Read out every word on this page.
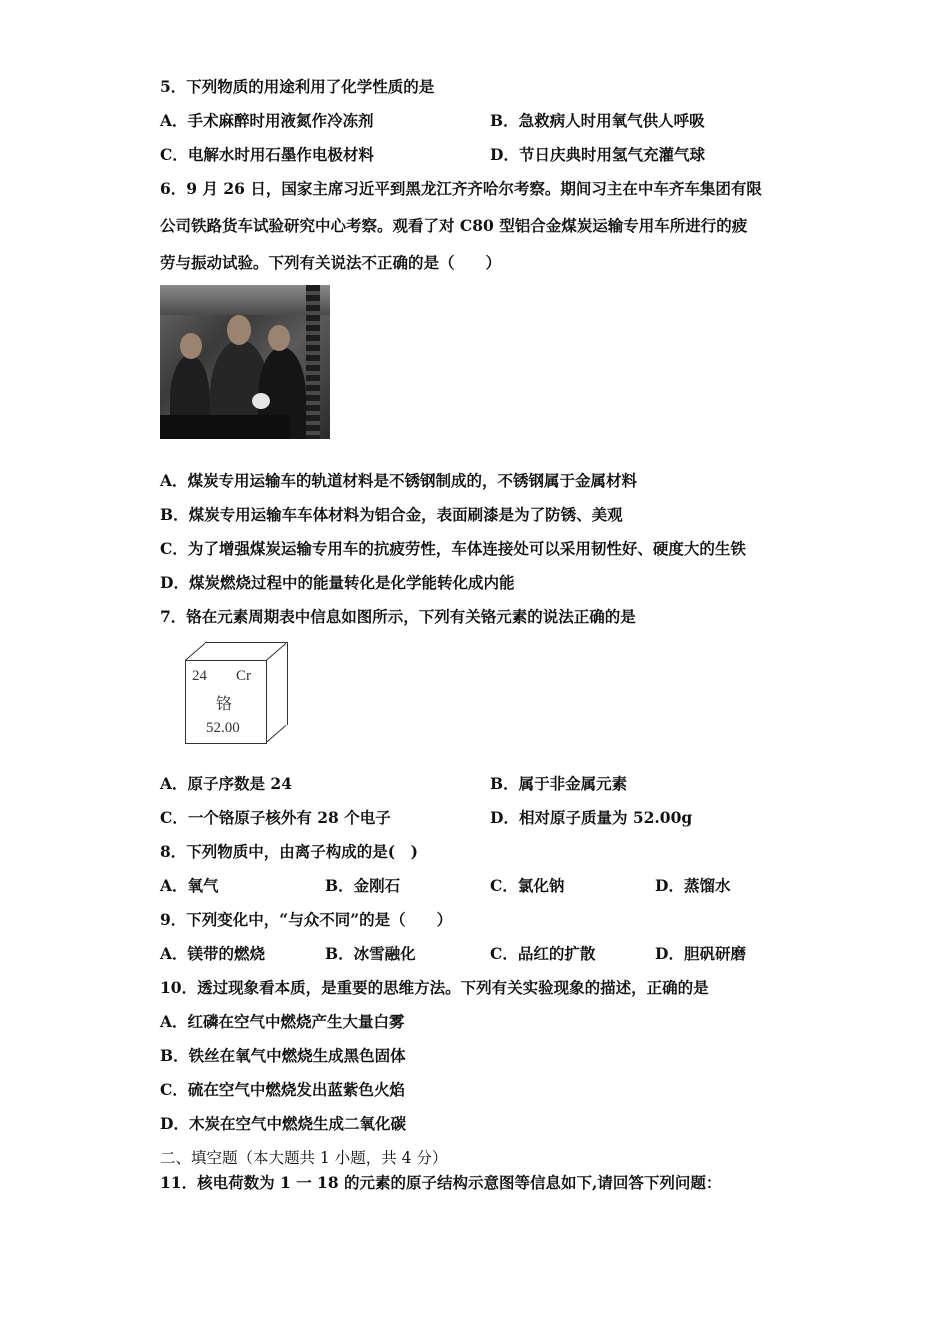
5．下列物质的用途利用了化学性质的是
A．手术麻醉时用液氮作冷冻剂	B．急救病人时用氧气供人呼吸
C．电解水时用石墨作电极材料	D．节日庆典时用氢气充灌气球
6．9 月 26 日，国家主席习近平到黑龙江齐齐哈尔考察。期间习主在中车齐车集团有限
公司铁路货车试验研究中心考察。观看了对 C80 型铝合金煤炭运输专用车所进行的疲
劳与振动试验。下列有关说法不正确的是（　　）
A．煤炭专用运输车的轨道材料是不锈钢制成的，不锈钢属于金属材料
B．煤炭专用运输车车体材料为铝合金，表面刷漆是为了防锈、美观
C．为了增强煤炭运输专用车的抗疲劳性，车体连接处可以采用韧性好、硬度大的生铁
D．煤炭燃烧过程中的能量转化是化学能转化成内能
7．铬在元素周期表中信息如图所示，下列有关铬元素的说法正确的是
24 Cr
铬
52.00
A．原子序数是 24	B．属于非金属元素
C．一个铬原子核外有 28 个电子	D．相对原子质量为 52.00g
8．下列物质中，由离子构成的是(　)
A．氧气	B．金刚石	C．氯化钠	D．蒸馏水
9．下列变化中，“与众不同”的是（　　）
A．镁带的燃烧	B．冰雪融化	C．品红的扩散	D．胆矾研磨
10．透过现象看本质，是重要的思维方法。下列有关实验现象的描述，正确的是
A．红磷在空气中燃烧产生大量白雾
B．铁丝在氧气中燃烧生成黑色固体
C．硫在空气中燃烧发出蓝紫色火焰
D．木炭在空气中燃烧生成二氧化碳
二、填空题（本大题共 1 小题，共 4 分）
11．核电荷数为 1 一 18 的元素的原子结构示意图等信息如下,请回答下列问题：
